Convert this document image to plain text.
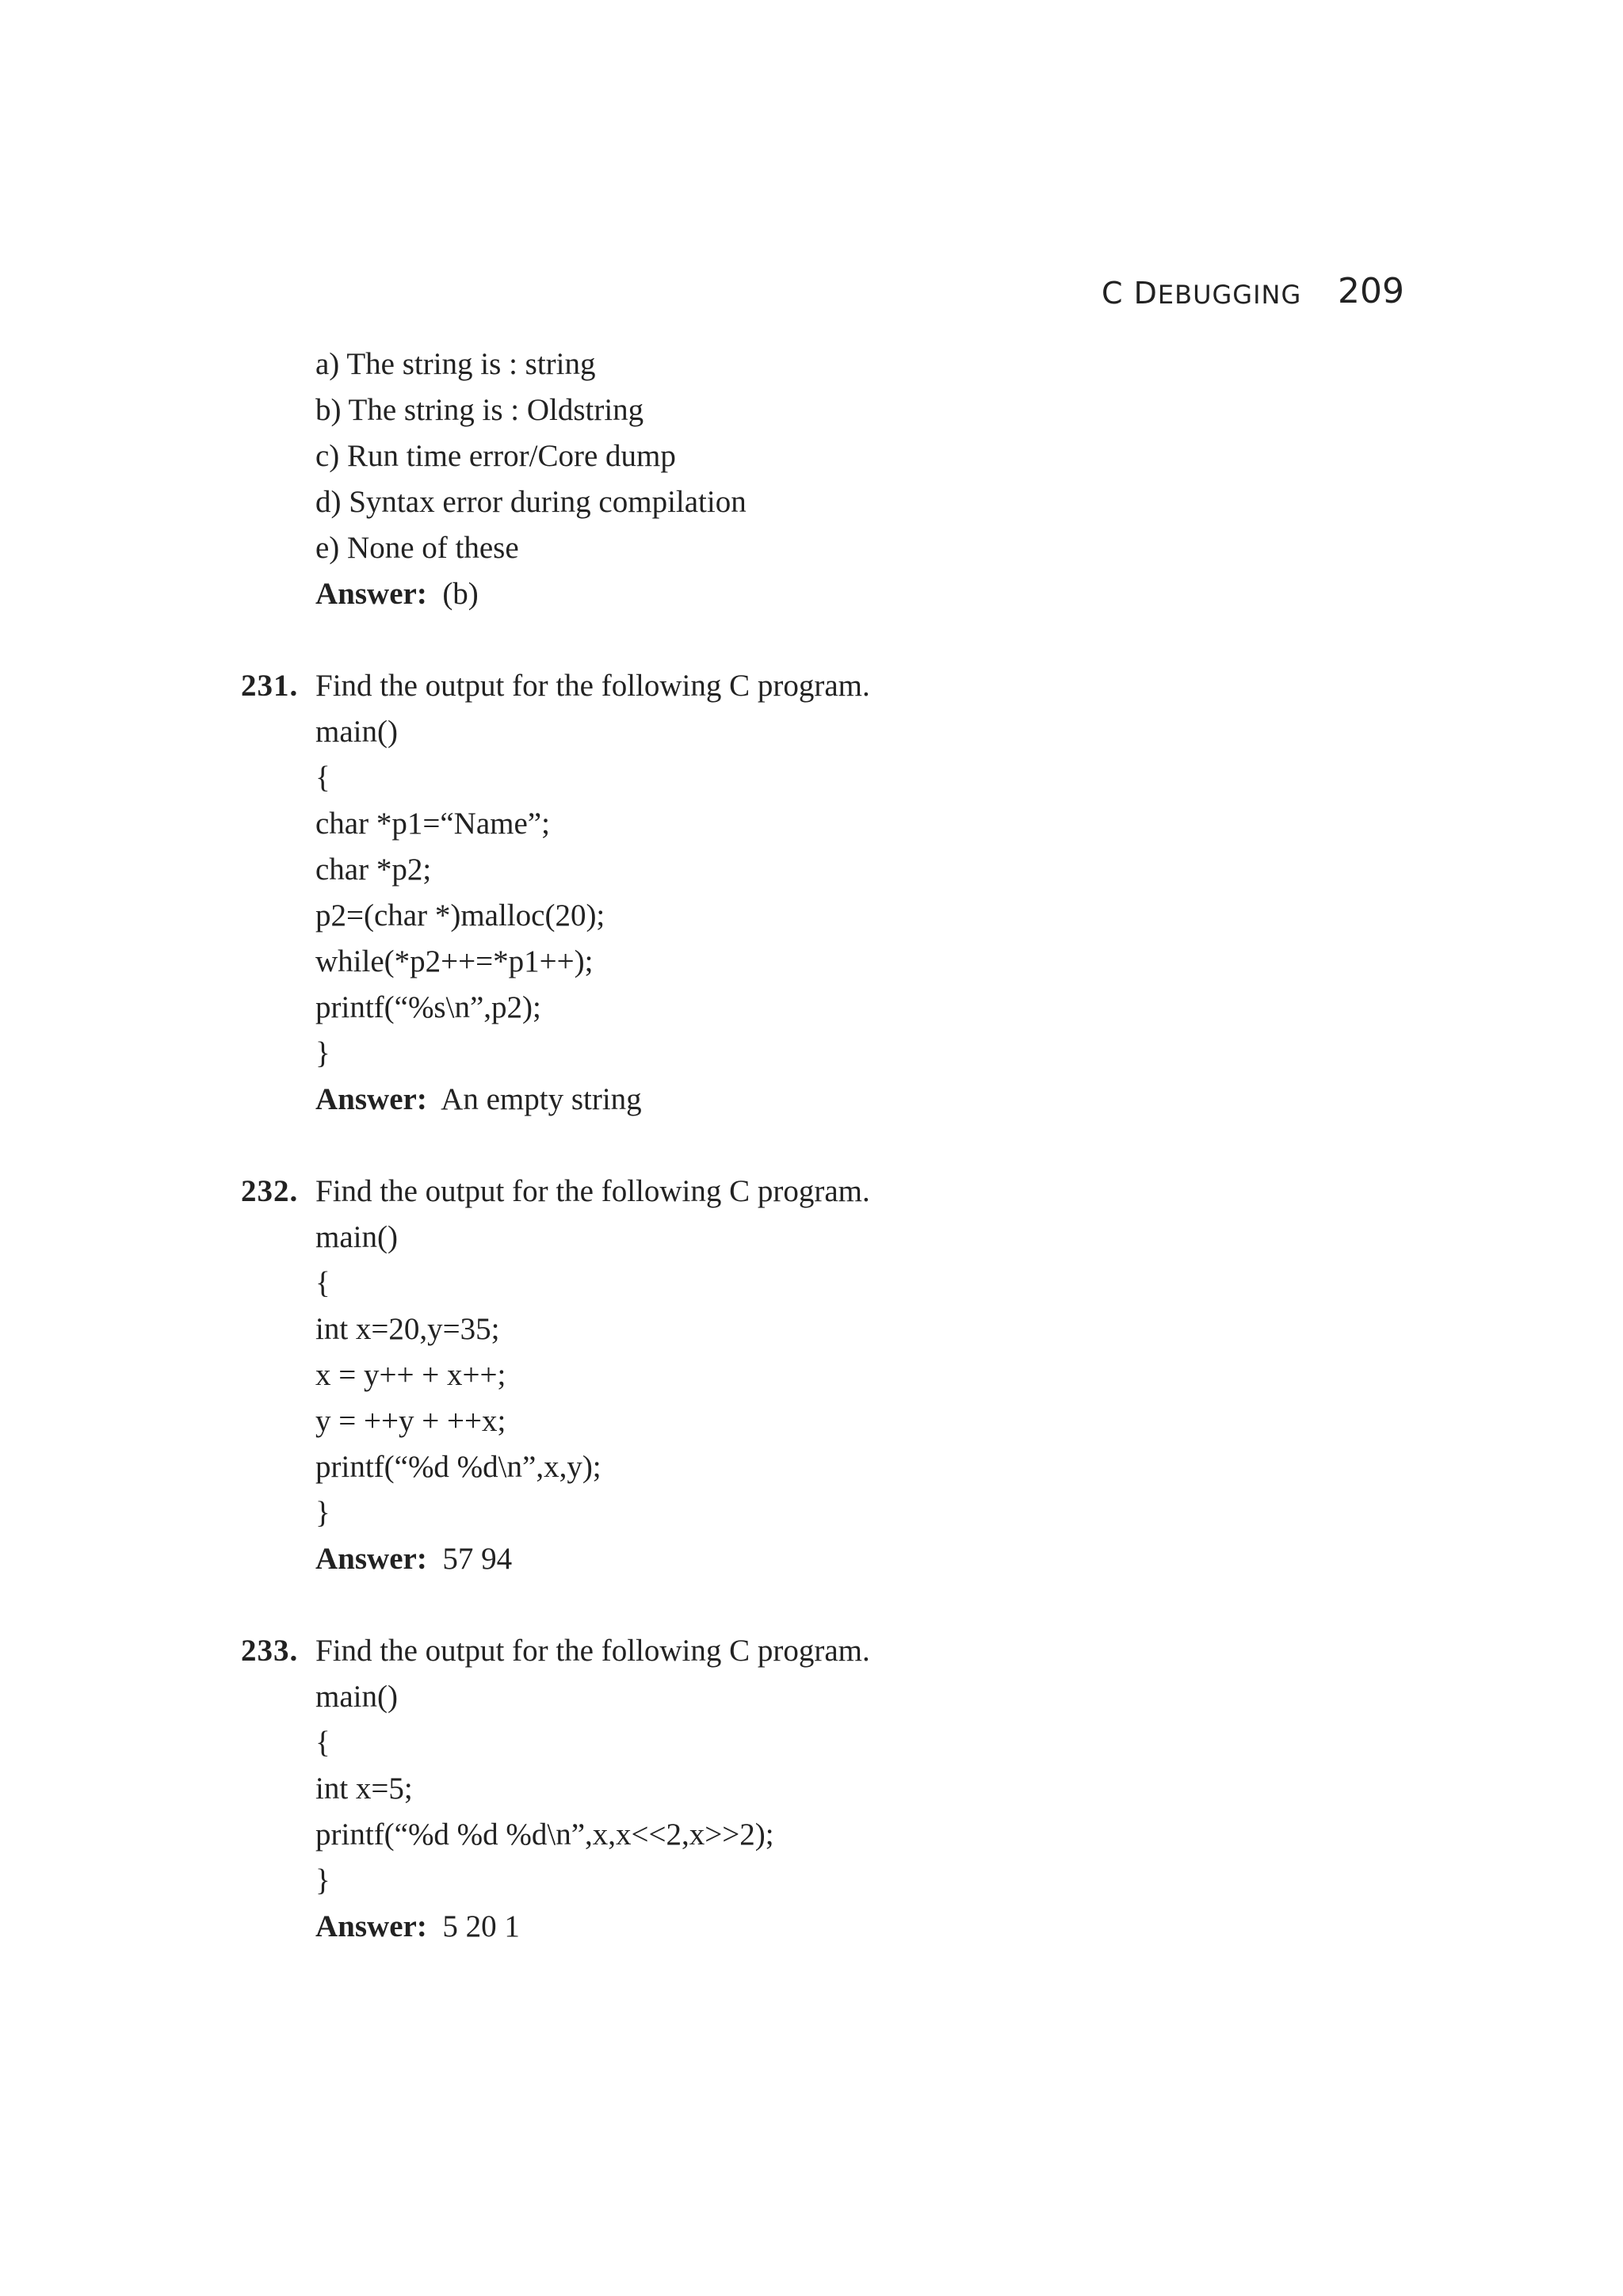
C DEBUGGING 209
a) The string is : string
b) The string is : Oldstring
c) Run time error/Core dump
d) Syntax error during compilation
e) None of these
Answer: (b)
231. Find the output for the following C program.
main()
{
char *p1=“Name”;
char *p2;
p2=(char *)malloc(20);
while(*p2++=*p1++);
printf(“%s\n”,p2);
}
Answer: An empty string
232. Find the output for the following C program.
main()
{
int x=20,y=35;
x = y++ + x++;
y = ++y + ++x;
printf(“%d %d\n”,x,y);
}
Answer: 57 94
233. Find the output for the following C program.
main()
{
int x=5;
printf(“%d %d %d\n”,x,x<<2,x>>2);
}
Answer: 5 20 1
